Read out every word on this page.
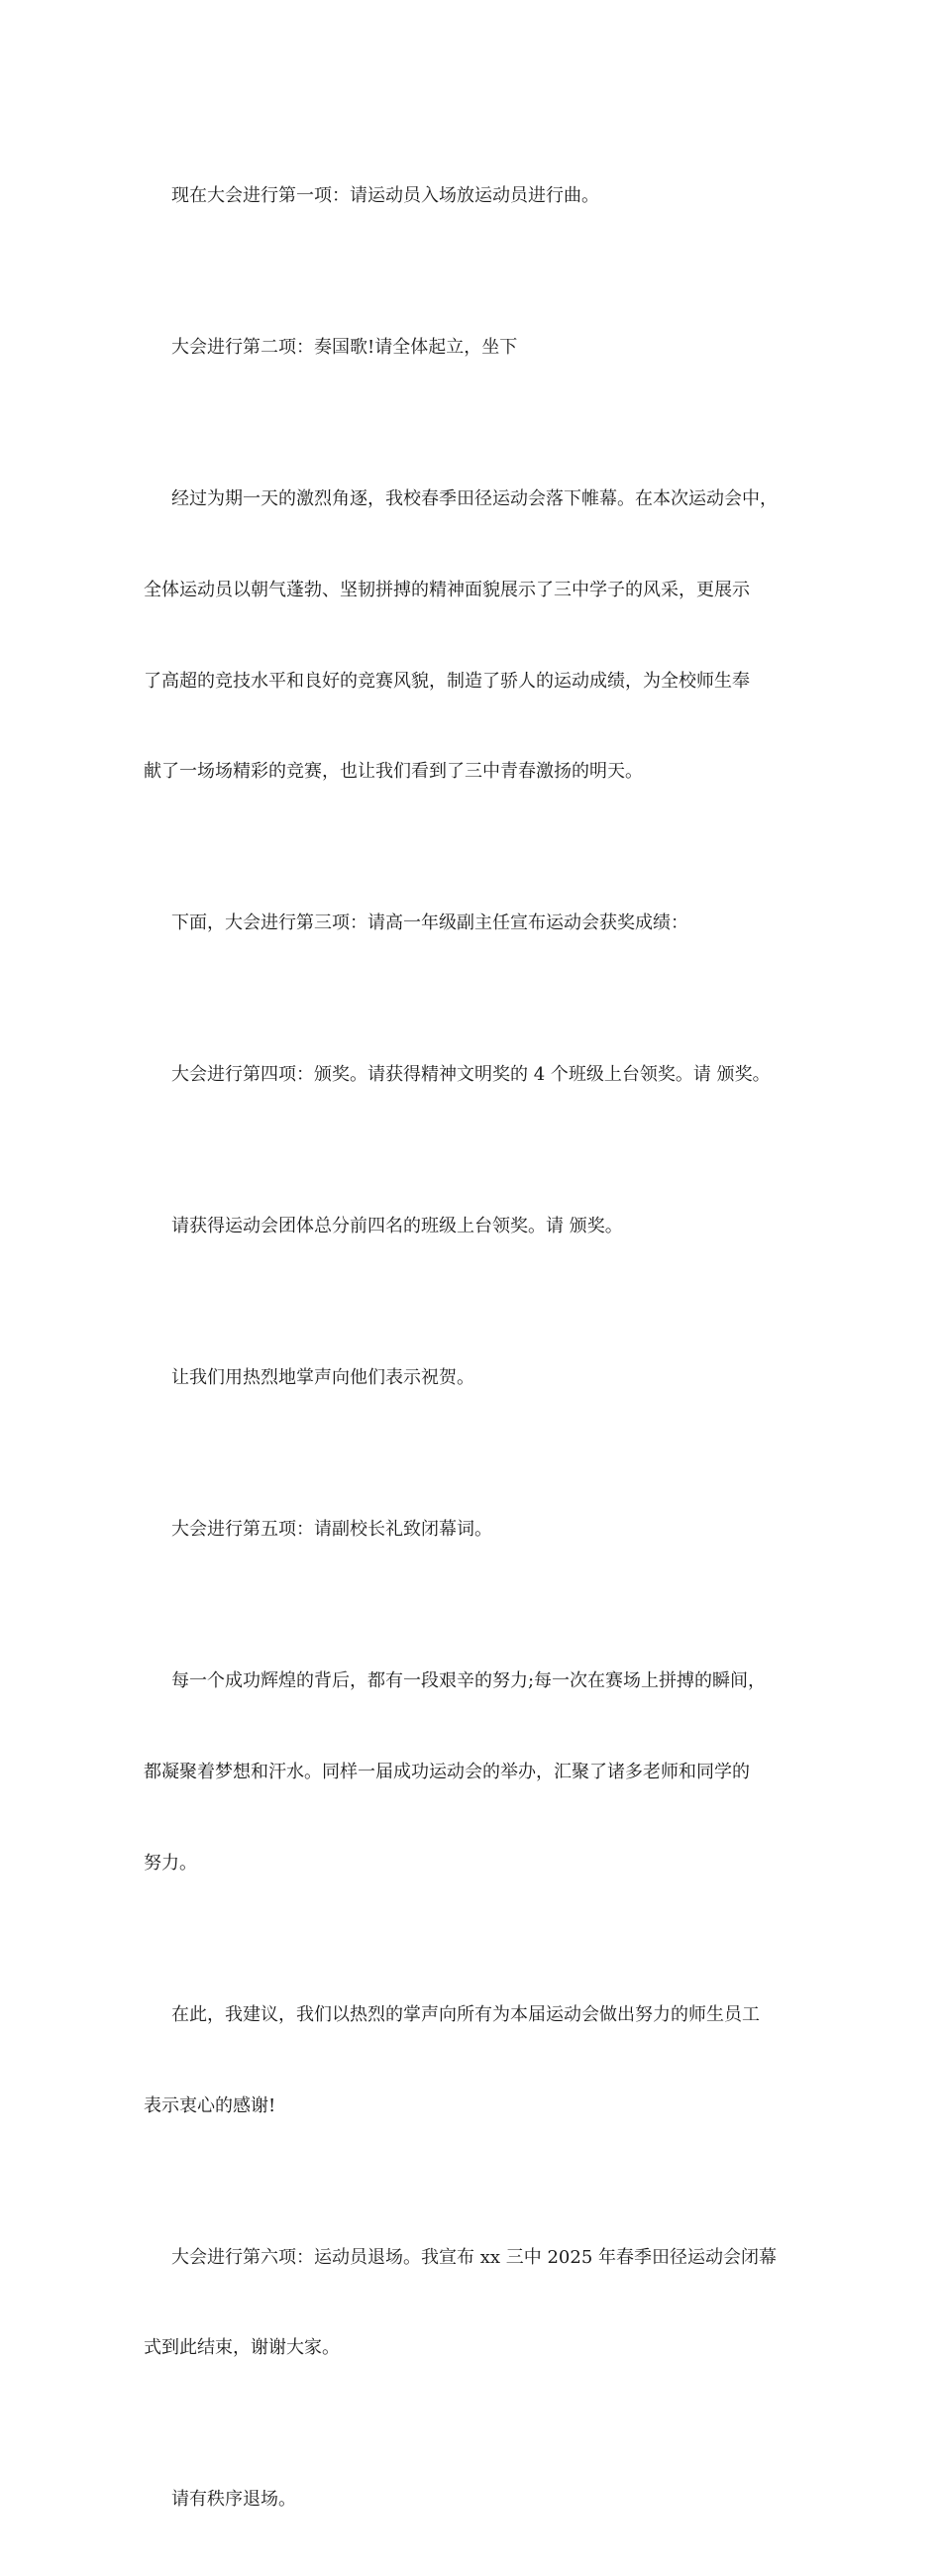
现在大会进行第一项：请运动员入场放运动员进行曲。

大会进行第二项：奏国歌!请全体起立，坐下

经过为期一天的激烈角逐，我校春季田径运动会落下帷幕。在本次运动会中，

全体运动员以朝气蓬勃、坚韧拼搏的精神面貌展示了三中学子的风采，更展示

了高超的竞技水平和良好的竞赛风貌，制造了骄人的运动成绩，为全校师生奉

献了一场场精彩的竞赛，也让我们看到了三中青春激扬的明天。

下面，大会进行第三项：请高一年级副主任宣布运动会获奖成绩：

大会进行第四项：颁奖。请获得精神文明奖的 4 个班级上台领奖。请 颁奖。

请获得运动会团体总分前四名的班级上台领奖。请 颁奖。

让我们用热烈地掌声向他们表示祝贺。

大会进行第五项：请副校长礼致闭幕词。

每一个成功辉煌的背后，都有一段艰辛的努力;每一次在赛场上拼搏的瞬间，

都凝聚着梦想和汗水。同样一届成功运动会的举办，汇聚了诸多老师和同学的

努力。

在此，我建议，我们以热烈的掌声向所有为本届运动会做出努力的师生员工

表示衷心的感谢!

大会进行第六项：运动员退场。我宣布 xx 三中 2025 年春季田径运动会闭幕

式到此结束，谢谢大家。

请有秩序退场。
